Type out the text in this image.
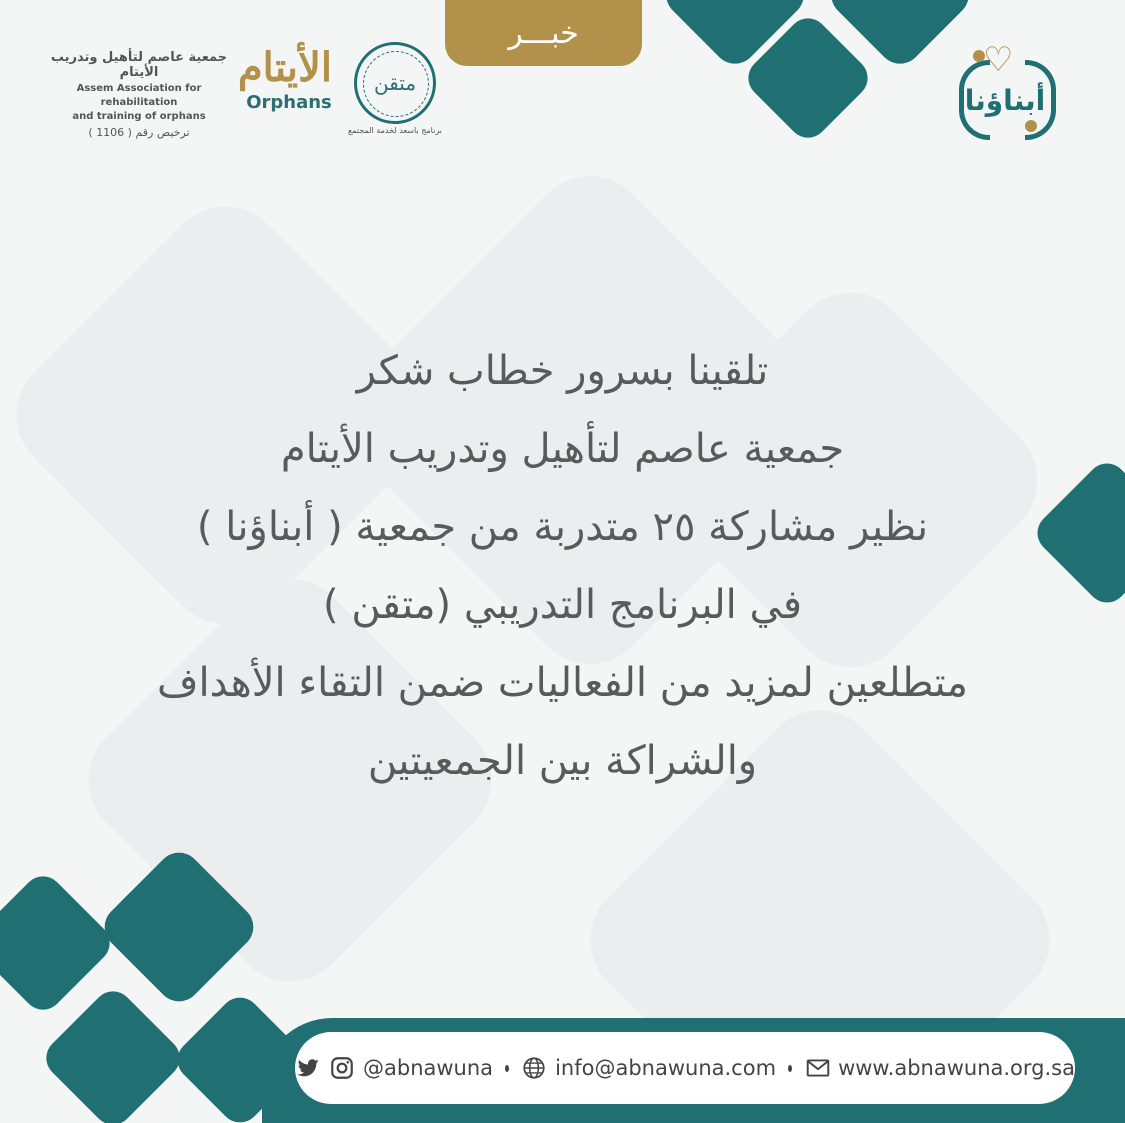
خبـــر
جمعية عاصم لتأهيل وتدريب الأيتام
Assem Association for rehabilitation
and training of orphans
ترخيص رقم ( 1106 )
الأيتام
Orphans
متقن
برنامج باسعد لخدمة المجتمع
♡
أبناؤنا
تلقينا بسرور خطاب شكر
جمعية عاصم لتأهيل وتدريب الأيتام
نظير مشاركة ٢٥ متدربة من جمعية ( أبناؤنا )
في البرنامج التدريبي (متقن )
متطلعين لمزيد من الفعاليات ضمن التقاء الأهداف
والشراكة بين الجمعيتين
@abnawuna	info@abnawuna.com	www.abnawuna.org.sa
